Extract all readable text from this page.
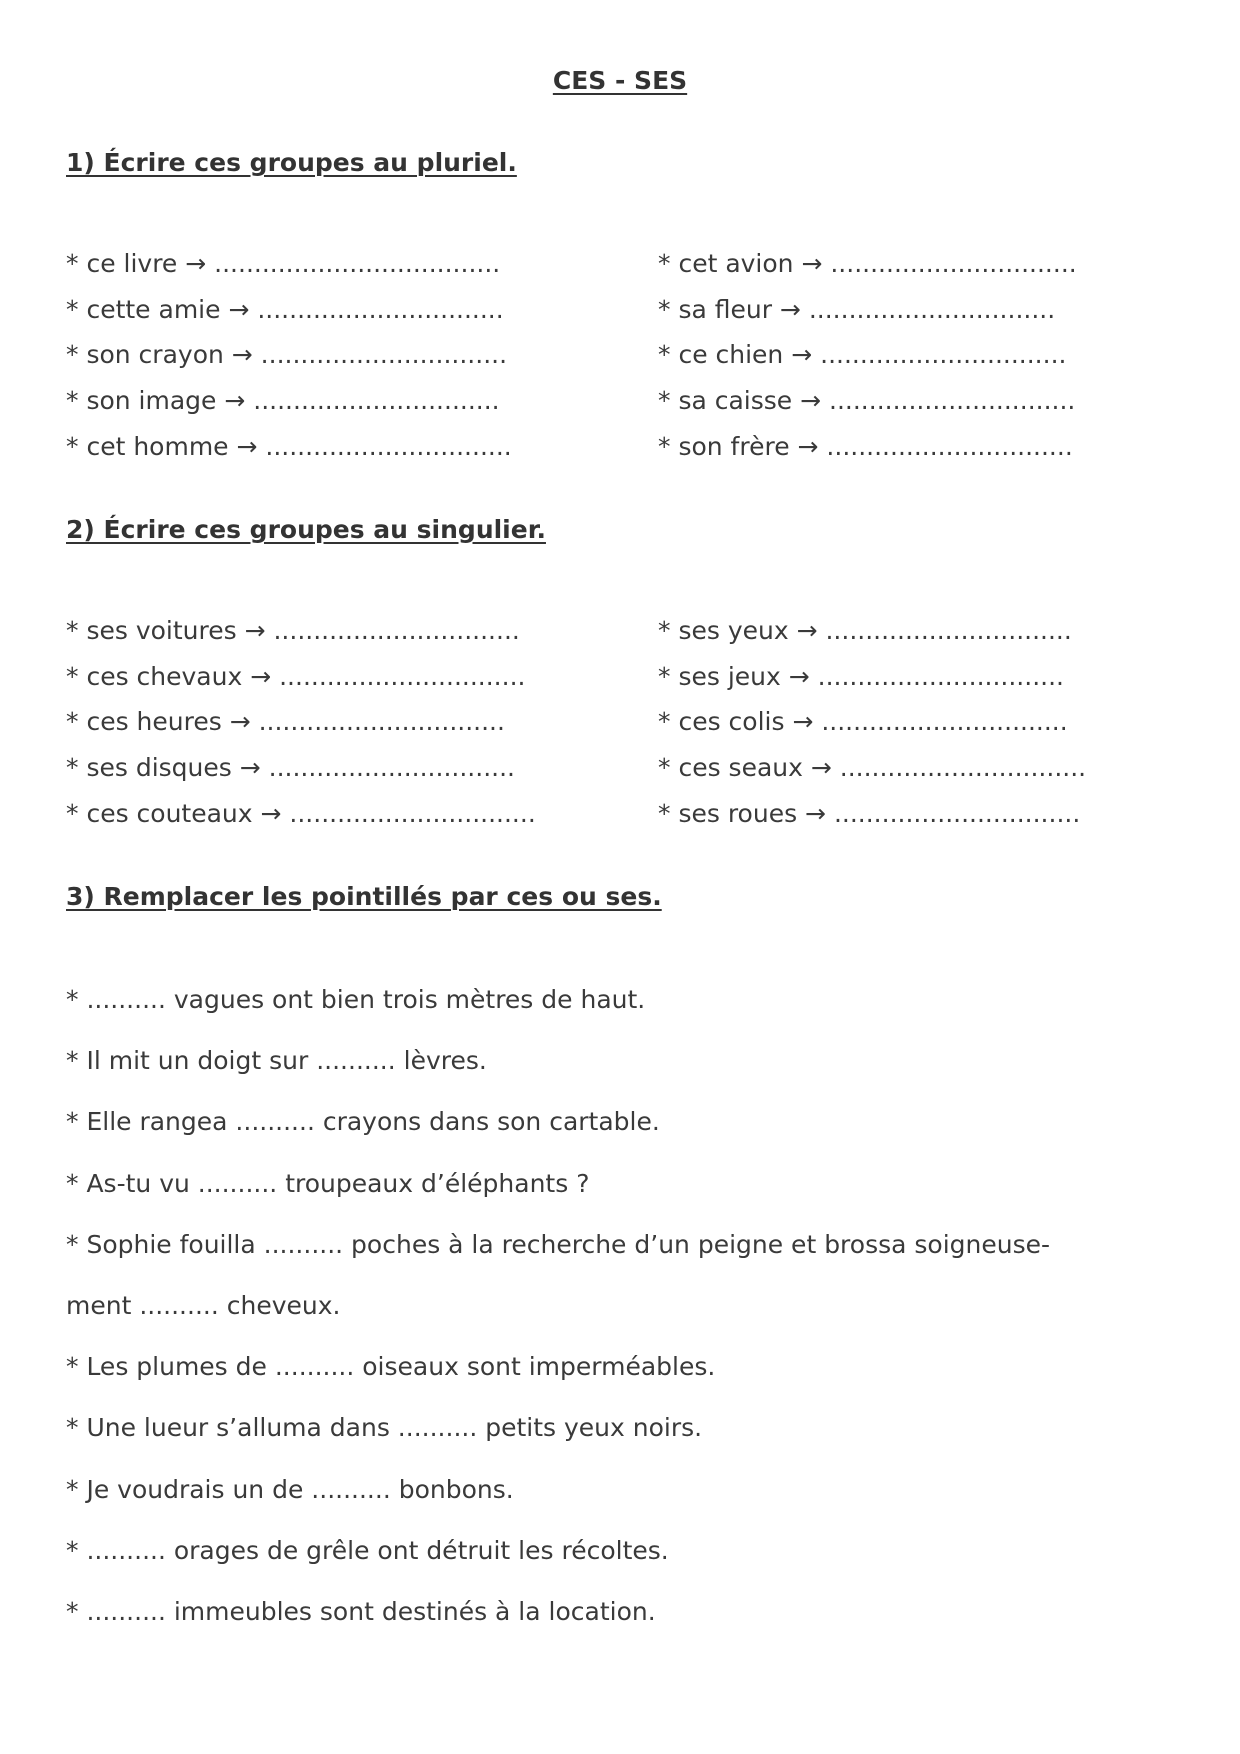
CES - SES
1) Écrire ces groupes au pluriel.
* ce livre → ....................................	* cet avion → ...............................
* cette amie → ...............................	* sa fleur → ...............................
* son crayon → ...............................	* ce chien → ...............................
* son image → ...............................	* sa caisse → ...............................
* cet homme → ...............................	* son frère → ...............................
2) Écrire ces groupes au singulier.
* ses voitures → ...............................	* ses yeux → ...............................
* ces chevaux → ...............................	* ses jeux → ...............................
* ces heures → ...............................	* ces colis → ...............................
* ses disques → ...............................	* ces seaux → ...............................
* ces couteaux → ...............................	* ses roues → ...............................
3) Remplacer les pointillés par ces ou ses.
* .......... vagues ont bien trois mètres de haut.
* Il mit un doigt sur .......... lèvres.
* Elle rangea .......... crayons dans son cartable.
* As-tu vu .......... troupeaux d’éléphants ?
* Sophie fouilla .......... poches à la recherche d’un peigne et brossa soigneuse-
ment .......... cheveux.
* Les plumes de .......... oiseaux sont imperméables.
* Une lueur s’alluma dans .......... petits yeux noirs.
* Je voudrais un de .......... bonbons.
* .......... orages de grêle ont détruit les récoltes.
* .......... immeubles sont destinés à la location.
